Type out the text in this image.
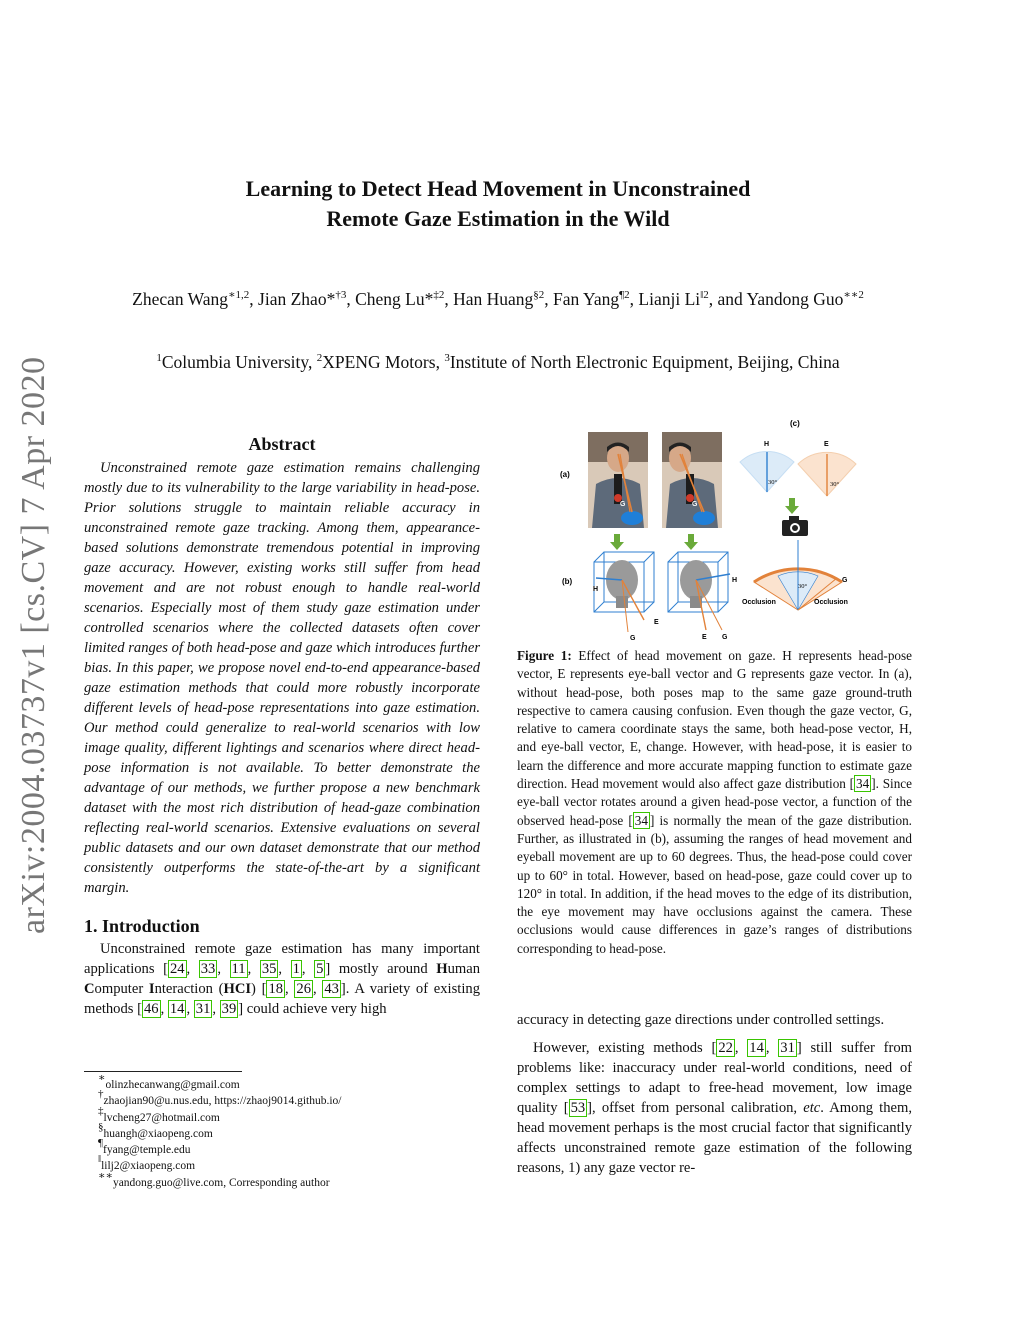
arXiv:2004.03737v1 [cs.CV] 7 Apr 2020
Learning to Detect Head Movement in Unconstrained
Remote Gaze Estimation in the Wild
Zhecan Wang$^{∗1,2}$, Jian Zhao*$^{\dagger 3}$, Cheng Lu*$^{\ddagger 2}$, Han Huang$^{\S 2}$, Fan Yang$^{\P 2}$, Lianji $Li^{‖2}$, and Yandong Guo$^{∗∗2}$
$^1$Columbia University, $^2$XPENG Motors, $^3$Institute of North Electronic Equipment, Beijing, China
Abstract

Unconstrained remote gaze estimation remains challenging mostly due to its vulnerability to the large variability in head-pose. Prior solutions struggle to maintain reliable accuracy in unconstrained remote gaze tracking. Among them, appearance-based solutions demonstrate tremendous potential in improving gaze accuracy. However, existing works still suffer from head movement and are not robust enough to handle real-world scenarios. Especially most of them study gaze estimation under controlled scenarios where the collected datasets often cover limited ranges of both head-pose and gaze which introduces further bias. In this paper, we propose novel end-to-end appearance-based gaze estimation methods that could more robustly incorporate different levels of head-pose representations into gaze estimation. Our method could generalize to real-world scenarios with low image quality, different lightings and scenarios where direct head-pose information is not available. To better demonstrate the advantage of our methods, we further propose a new benchmark dataset with the most rich distribution of head-gaze combination reflecting real-world scenarios. Extensive evaluations on several public datasets and our own dataset demonstrate that our method consistently outperforms the state-of-the-art by a significant margin.

1. Introduction

Unconstrained remote gaze estimation has many important applications [ 24 , 33 , 11 , 35 , 1 , 5 ] mostly around Human Computer Interaction (HCI) [ 18 , 26 , 43 ]. A variety of existing methods [ 46 , 14 , 31 , 39 ] could achieve very high

∗olinzhecanwang@gmail.com
†zhaojian90@u.nus.edu, https://zhaoj9014.github.io/
‡lvcheng27@hotmail.com
§huangh@xiaopeng.com
¶fyang@temple.edu
‖lilj2@xiaopeng.com
∗∗yandong.guo@live.com, Corresponding author
(c)
(a)
(b)
G	G
H
E
G
H
E G
H
30°
E
30°
30°
G
Occlusion	Occlusion
Figure 1: Effect of head movement on gaze. H represents head-pose vector, E represents eye-ball vector and G represents gaze vector. In (a), without head-pose, both poses map to the same gaze ground-truth respective to camera causing confusion. Even though the gaze vector, G, relative to camera coordinate stays the same, both head-pose vector, H, and eye-ball vector, E, change. However, with head-pose, it is easier to learn the difference and more accurate mapping function to estimate gaze direction. Head movement would also affect gaze distribution [ 34 ]. Since eye-ball vector rotates around a given head-pose vector, a function of the observed head-pose [ 34 ] is normally the mean of the gaze distribution. Further, as illustrated in (b), assuming the ranges of head movement and eyeball movement are up to 60 degrees. Thus, the head-pose could cover up to 60° in total. However, based on head-pose, gaze could cover up to 120° in total. In addition, if the head moves to the edge of its distribution, the eye movement may have occlusions against the camera. These occlusions would cause differences in gaze’s ranges of distributions corresponding to head-pose.

accuracy in detecting gaze directions under controlled settings.

However, existing methods [ 22 , 14 , 31 ] still suffer from problems like: inaccuracy under real-world conditions, need of complex settings to adapt to free-head movement, low image quality [ 53 ], offset from personal calibration, etc. Among them, head movement perhaps is the most crucial factor that significantly affects unconstrained remote gaze estimation of the following reasons, 1) any gaze vector re-
